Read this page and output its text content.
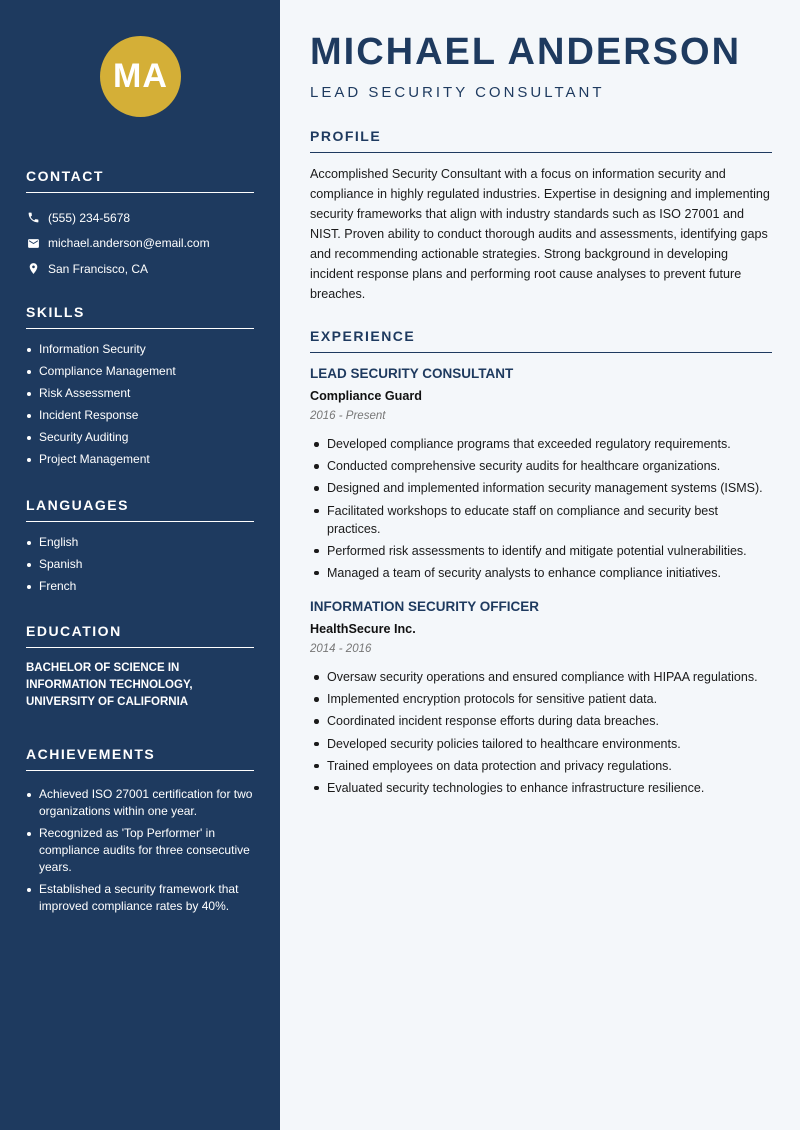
MA
CONTACT
(555) 234-5678
michael.anderson@email.com
San Francisco, CA
SKILLS
Information Security
Compliance Management
Risk Assessment
Incident Response
Security Auditing
Project Management
LANGUAGES
English
Spanish
French
EDUCATION
BACHELOR OF SCIENCE IN INFORMATION TECHNOLOGY, UNIVERSITY OF CALIFORNIA
ACHIEVEMENTS
Achieved ISO 27001 certification for two organizations within one year.
Recognized as 'Top Performer' in compliance audits for three consecutive years.
Established a security framework that improved compliance rates by 40%.
MICHAEL ANDERSON
LEAD SECURITY CONSULTANT
PROFILE
Accomplished Security Consultant with a focus on information security and compliance in highly regulated industries. Expertise in designing and implementing security frameworks that align with industry standards such as ISO 27001 and NIST. Proven ability to conduct thorough audits and assessments, identifying gaps and recommending actionable strategies. Strong background in developing incident response plans and performing root cause analyses to prevent future breaches.
EXPERIENCE
LEAD SECURITY CONSULTANT
Compliance Guard
2016 - Present
Developed compliance programs that exceeded regulatory requirements.
Conducted comprehensive security audits for healthcare organizations.
Designed and implemented information security management systems (ISMS).
Facilitated workshops to educate staff on compliance and security best practices.
Performed risk assessments to identify and mitigate potential vulnerabilities.
Managed a team of security analysts to enhance compliance initiatives.
INFORMATION SECURITY OFFICER
HealthSecure Inc.
2014 - 2016
Oversaw security operations and ensured compliance with HIPAA regulations.
Implemented encryption protocols for sensitive patient data.
Coordinated incident response efforts during data breaches.
Developed security policies tailored to healthcare environments.
Trained employees on data protection and privacy regulations.
Evaluated security technologies to enhance infrastructure resilience.
